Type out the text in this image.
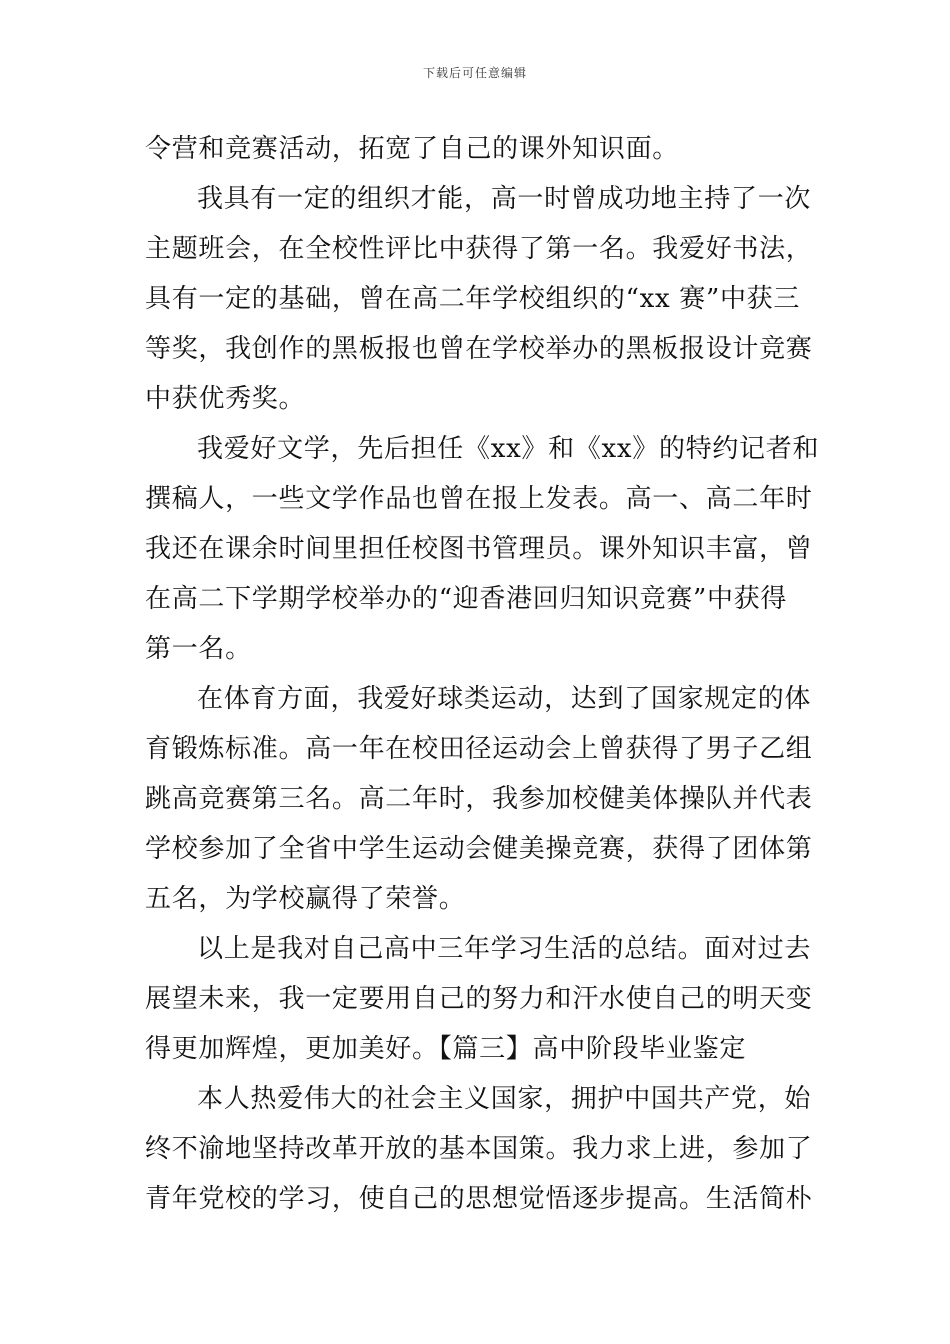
下载后可任意编辑
令营和竞赛活动，拓宽了自己的课外知识面。
我具有一定的组织才能，高一时曾成功地主持了一次
主题班会，在全校性评比中获得了第一名。我爱好书法，
具有一定的基础，曾在高二年学校组织的“xx 赛”中获三
等奖，我创作的黑板报也曾在学校举办的黑板报设计竞赛
中获优秀奖。
我爱好文学，先后担任《xx》和《xx》的特约记者和
撰稿人，一些文学作品也曾在报上发表。高一、高二年时
我还在课余时间里担任校图书管理员。课外知识丰富，曾
在高二下学期学校举办的“迎香港回归知识竞赛”中获得
第一名。
在体育方面，我爱好球类运动，达到了国家规定的体
育锻炼标准。高一年在校田径运动会上曾获得了男子乙组
跳高竞赛第三名。高二年时，我参加校健美体操队并代表
学校参加了全省中学生运动会健美操竞赛，获得了团体第
五名，为学校赢得了荣誉。
以上是我对自己高中三年学习生活的总结。面对过去
展望未来，我一定要用自己的努力和汗水使自己的明天变
得更加辉煌，更加美好。【篇三】高中阶段毕业鉴定
本人热爱伟大的社会主义国家，拥护中国共产党，始
终不渝地坚持改革开放的基本国策。我力求上进，参加了
青年党校的学习，使自己的思想觉悟逐步提高。生活简朴
